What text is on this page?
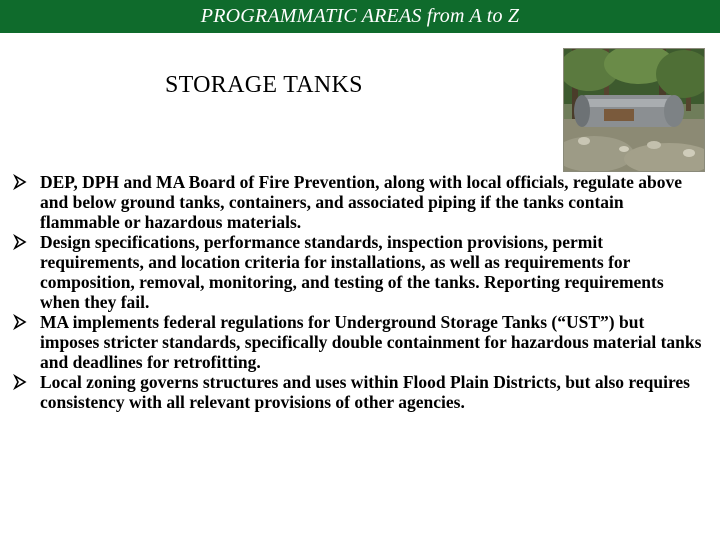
PROGRAMMATIC AREAS from A to Z
STORAGE TANKS
DEP, DPH and MA Board of Fire Prevention, along with local officials, regulate above and below ground tanks, containers, and associated piping if the tanks contain flammable or hazardous materials.
Design specifications, performance standards, inspection provisions, permit requirements, and location criteria for installations, as well as requirements for composition, removal, monitoring, and testing of the tanks. Reporting requirements when they fail.
MA implements federal regulations for Underground Storage Tanks (“UST”) but imposes stricter standards, specifically double containment for hazardous material tanks and deadlines for retrofitting.
Local zoning governs structures and uses within Flood Plain Districts, but also requires consistency with all relevant provisions of other agencies.
